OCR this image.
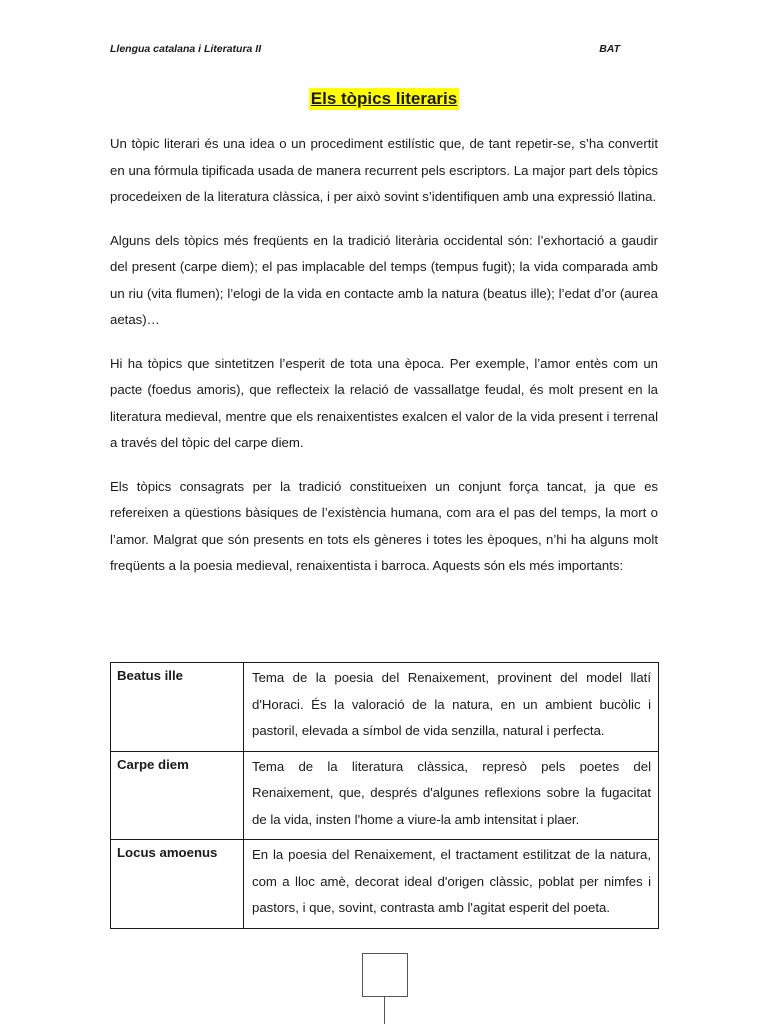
Llengua catalana i Literatura II	BAT
Els tòpics literaris

Un tòpic literari és una idea o un procediment estilístic que, de tant repetir-se, s’ha convertit en una fórmula tipificada usada de manera recurrent pels escriptors. La major part dels tòpics procedeixen de la literatura clàssica, i per això sovint s’identifiquen amb una expressió llatina.

Alguns dels tòpics més freqüents en la tradició literària occidental són: l’exhortació a gaudir del present (carpe diem); el pas implacable del temps (tempus fugit); la vida comparada amb un riu (vita flumen); l’elogi de la vida en contacte amb la natura (beatus ille); l’edat d’or (aurea aetas)…

Hi ha tòpics que sintetitzen l’esperit de tota una època. Per exemple, l’amor entès com un pacte (foedus amoris), que reflecteix la relació de vassallatge feudal, és molt present en la literatura medieval, mentre que els renaixentistes exalcen el valor de la vida present i terrenal a través del tòpic del carpe diem.

Els tòpics consagrats per la tradició constitueixen un conjunt força tancat, ja que es refereixen a qüestions bàsiques de l’existència humana, com ara el pas del temps, la mort o l’amor. Malgrat que són presents en tots els gèneres i totes les èpoques, n’hi ha alguns molt freqüents a la poesia medieval, renaixentista i barroca. Aquests són els més importants:

Beatus ille	Tema de la poesia del Renaixement, provinent del model llatí d'Horaci. És la valoració de la natura, en un ambient bucòlic i pastoril, elevada a símbol de vida senzilla, natural i perfecta.
Carpe diem	Tema de la literatura clàssica, represò pels poetes del Renaixement, que, després d'algunes reflexions sobre la fugacitat de la vida, insten l'home a viure-la amb intensitat i plaer.
Locus amoenus	En la poesia del Renaixement, el tractament estilitzat de la natura, com a lloc amè, decorat ideal d'origen clàssic, poblat per nimfes i pastors, i que, sovint, contrasta amb l'agitat esperit del poeta.
